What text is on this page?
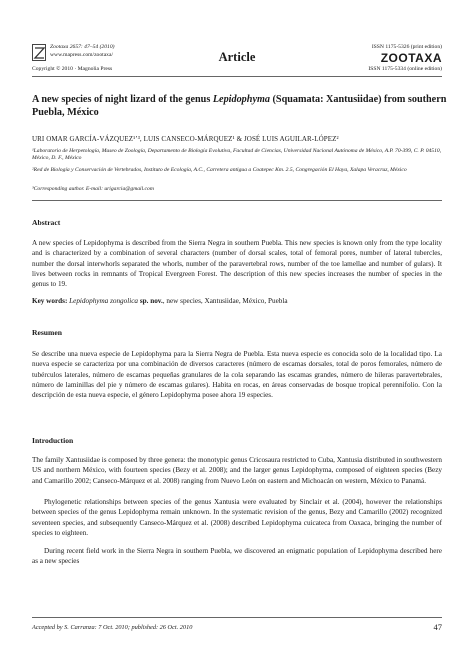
Zootaxa 2657: 47–54 (2010)
www.mapress.com/zootaxa/
Copyright © 2010 · Magnolia Press
Article
ISSN 1175-5326 (print edition)
ZOOTAXA
ISSN 1175-5334 (online edition)
A new species of night lizard of the genus Lepidophyma (Squamata: Xantusiidae) from southern Puebla, México
URI OMAR GARCÍA-VÁZQUEZ¹ʼ³, LUIS CANSECO-MÁRQUEZ¹ & JOSÉ LUIS AGUILAR-LÓPEZ²
¹Laboratorio de Herpetología, Museo de Zoología, Departamento de Biología Evolutiva, Facultad de Ciencias, Universidad Nacional Autónoma de México, A.P. 70-399, C. P. 04510, México, D. F., México
²Red de Biología y Conservación de Vertebrados, Instituto de Ecología, A.C., Carretera antigua a Coatepec Km. 2.5, Congregación El Haya, Xalapa Veracruz, México
³Corresponding author. E-mail: urigarcia@gmail.com
Abstract
A new species of Lepidophyma is described from the Sierra Negra in southern Puebla. This new species is known only from the type locality and is characterized by a combination of several characters (number of dorsal scales, total of femoral pores, number of lateral tubercles, number the dorsal interwhorls separated the whorls, number of the paravertebral rows, number of the toe lamellae and number of gulars). It lives between rocks in remnants of Tropical Evergreen Forest. The description of this new species increases the number of species in the genus to 19.
Key words: Lepidophyma zongolica sp. nov., new species, Xantusiidae, México, Puebla
Resumen
Se describe una nueva especie de Lepidophyma para la Sierra Negra de Puebla. Esta nueva especie es conocida solo de la localidad tipo. La nueva especie se caracteriza por una combinación de diversos caracteres (número de escamas dorsales, total de poros femorales, número de tubérculos laterales, número de escamas pequeñas granulares de la cola separando las escamas grandes, número de hileras paravertebrales, número de laminillas del pie y número de escamas gulares). Habita en rocas, en áreas conservadas de bosque tropical perennifolio. Con la descripción de esta nueva especie, el género Lepidophyma posee ahora 19 especies.
Introduction
The family Xantusiidae is composed by three genera: the monotypic genus Cricosaura restricted to Cuba, Xantusia distributed in southwestern US and northern México, with fourteen species (Bezy et al. 2008); and the larger genus Lepidophyma, composed of eighteen species (Bezy and Camarillo 2002; Canseco-Márquez et al. 2008) ranging from Nuevo León on eastern and Michoacán on western, México to Panamá.
Phylogenetic relationships between species of the genus Xantusia were evaluated by Sinclair et al. (2004), however the relationships between species of the genus Lepidophyma remain unknown. In the systematic revision of the genus, Bezy and Camarillo (2002) recognized seventeen species, and subsequently Canseco-Márquez et al. (2008) described Lepidophyma cuicateca from Oaxaca, bringing the number of species to eighteen.
During recent field work in the Sierra Negra in southern Puebla, we discovered an enigmatic population of Lepidophyma described here as a new species
Accepted by S. Carranza: 7 Oct. 2010; published: 26 Oct. 2010	47
